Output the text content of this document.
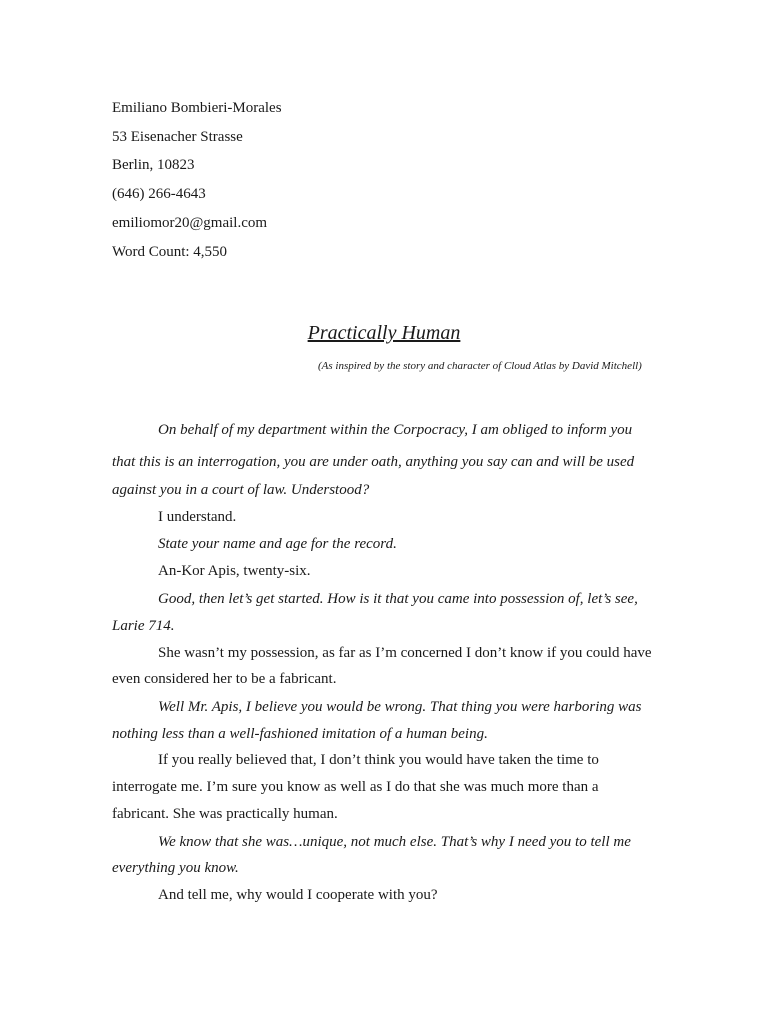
Emiliano Bombieri-Morales
53 Eisenacher Strasse
Berlin, 10823
(646) 266-4643
emiliomor20@gmail.com
Word Count: 4,550
Practically Human
(As inspired by the story and character of Cloud Atlas by David Mitchell)
On behalf of my department within the Corpocracy, I am obliged to inform you
that this is an interrogation, you are under oath, anything you say can and will be used
against you in a court of law. Understood?
I understand.
State your name and age for the record.
An-Kor Apis, twenty-six.
Good, then let’s get started. How is it that you came into possession of, let’s see,
Larie 714.
She wasn’t my possession, as far as I’m concerned I don’t know if you could have
even considered her to be a fabricant.
Well Mr. Apis, I believe you would be wrong. That thing you were harboring was
nothing less than a well-fashioned imitation of a human being.
If you really believed that, I don’t think you would have taken the time to
interrogate me. I’m sure you know as well as I do that she was much more than a
fabricant. She was practically human.
We know that she was…unique, not much else. That’s why I need you to tell me
everything you know.
And tell me, why would I cooperate with you?
